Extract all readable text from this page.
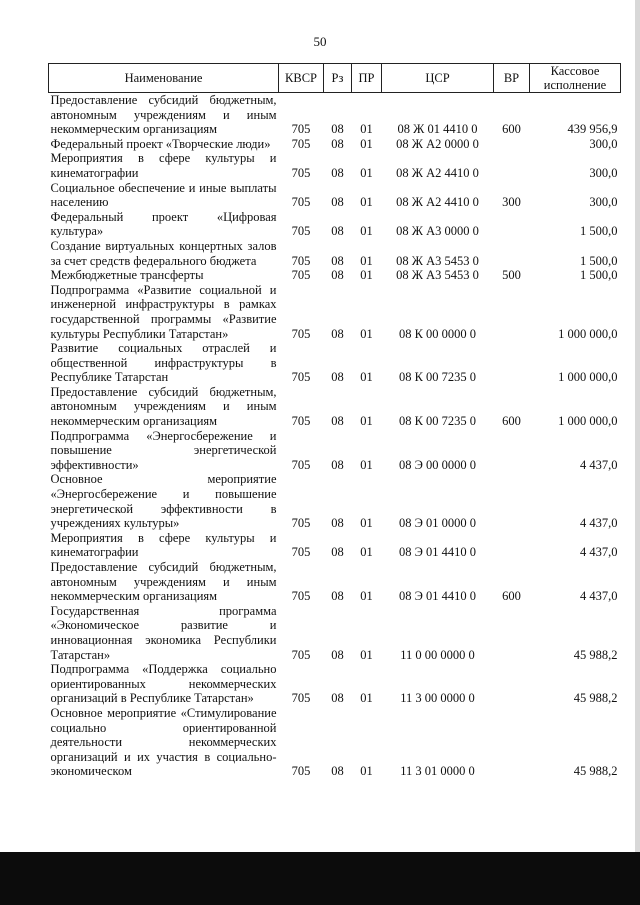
50
Наименование	КВСР	Рз	ПР	ЦСР	ВР	Кассовое исполнение
Предоставление субсидий бюджетным, автономным учреждениям и иным некоммерческим организациям	705	08	01	08 Ж 01 4410 0	600	439 956,9
Федеральный проект «Творческие люди»	705	08	01	08 Ж А2 0000 0		300,0
Мероприятия в сфере культуры и кинематографии	705	08	01	08 Ж А2 4410 0		300,0
Социальное обеспечение и иные выплаты населению	705	08	01	08 Ж А2 4410 0	300	300,0
Федеральный проект «Цифровая культура»	705	08	01	08 Ж А3 0000 0		1 500,0
Создание виртуальных концертных залов за счет средств федерального бюджета	705	08	01	08 Ж А3 5453 0		1 500,0
Межбюджетные трансферты	705	08	01	08 Ж А3 5453 0	500	1 500,0
Подпрограмма «Развитие социальной и инженерной инфраструктуры в рамках государственной программы «Развитие культуры Республики Татарстан»	705	08	01	08 К 00 0000 0		1 000 000,0
Развитие социальных отраслей и общественной инфраструктуры в Республике Татарстан	705	08	01	08 К 00 7235 0		1 000 000,0
Предоставление субсидий бюджетным, автономным учреждениям и иным некоммерческим организациям	705	08	01	08 К 00 7235 0	600	1 000 000,0
Подпрограмма «Энергосбережение и повышение энергетической эффективности»	705	08	01	08 Э 00 0000 0		4 437,0
Основное мероприятие «Энергосбережение и повышение энергетической эффективности в учреждениях культуры»	705	08	01	08 Э 01 0000 0		4 437,0
Мероприятия в сфере культуры и кинематографии	705	08	01	08 Э 01 4410 0		4 437,0
Предоставление субсидий бюджетным, автономным учреждениям и иным некоммерческим организациям	705	08	01	08 Э 01 4410 0	600	4 437,0
Государственная программа «Экономическое развитие и инновационная экономика Республики Татарстан»	705	08	01	11 0 00 0000 0		45 988,2
Подпрограмма «Поддержка социально ориентированных некоммерческих организаций в Республике Татарстан»	705	08	01	11 3 00 0000 0		45 988,2
Основное мероприятие «Стимулирование социально ориентированной деятельности некоммерческих организаций и их участия в социально-экономическом	705	08	01	11 3 01 0000 0		45 988,2
